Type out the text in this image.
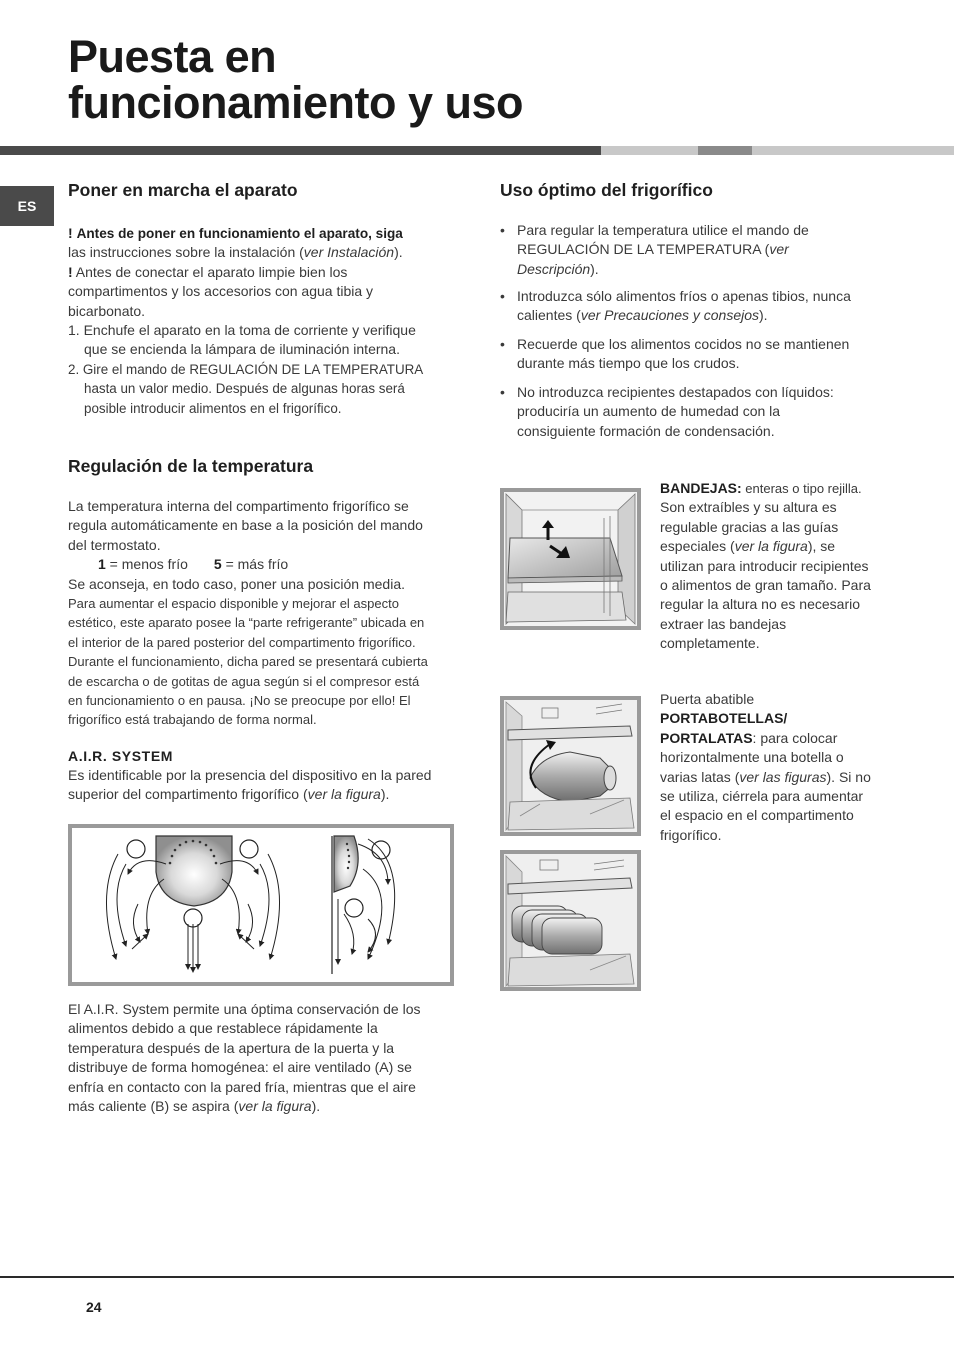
Puesta en
funcionamiento y uso
ES
Poner en marcha el aparato
! Antes de poner en funcionamiento el aparato, siga
las instrucciones sobre la instalación (ver Instalación).
! Antes de conectar el aparato limpie bien los
compartimentos y los accesorios con agua tibia y
bicarbonato.
1. Enchufe el aparato en la toma de corriente y verifique
que se encienda la lámpara de iluminación interna.
2. Gire el mando de REGULACIÓN DE LA TEMPERATURA
hasta un valor medio. Después de algunas horas será
posible introducir alimentos en el frigorífico.
Regulación de la temperatura
La temperatura interna del compartimento frigorífico se
regula automáticamente en base a la posición del mando
del termostato.
1 = menos frío 5 = más frío
Se aconseja, en todo caso, poner una posición media.
Para aumentar el espacio disponible y mejorar el aspecto
estético, este aparato posee la “parte refrigerante” ubicada en
el interior de la pared posterior del compartimento frigorífico.
Durante el funcionamiento, dicha pared se presentará cubierta
de escarcha o de gotitas de agua según si el compresor está
en funcionamiento o en pausa. ¡No se preocupe por ello! El
frigorífico está trabajando de forma normal.
A.I.R. SYSTEM
Es identificable por la presencia del dispositivo en la pared
superior del compartimento frigorífico (ver la figura).
El A.I.R. System permite una óptima conservación de los
alimentos debido a que restablece rápidamente la
temperatura después de la apertura de la puerta y la
distribuye de forma homogénea: el aire ventilado (A) se
enfría en contacto con la pared fría, mientras que el aire
más caliente (B) se aspira (ver la figura).
Uso óptimo del frigorífico
• Para regular la temperatura utilice el mando de
REGULACIÓN DE LA TEMPERATURA (ver
Descripción).
• Introduzca sólo alimentos fríos o apenas tibios, nunca
calientes (ver Precauciones y consejos).
• Recuerde que los alimentos cocidos no se mantienen
durante más tiempo que los crudos.
• No introduzca recipientes destapados con líquidos:
produciría un aumento de humedad con la
consiguiente formación de condensación.
BANDEJAS: enteras o tipo rejilla.
Son extraíbles y su altura es
regulable gracias a las guías
especiales (ver la figura), se
utilizan para introducir recipientes
o alimentos de gran tamaño. Para
regular la altura no es necesario
extraer las bandejas
completamente.
Puerta abatible
PORTABOTELLAS/
PORTALATAS: para colocar
horizontalmente una botella o
varias latas (ver las figuras). Si no
se utiliza, ciérrela para aumentar
el espacio en el compartimento
frigorífico.
24
